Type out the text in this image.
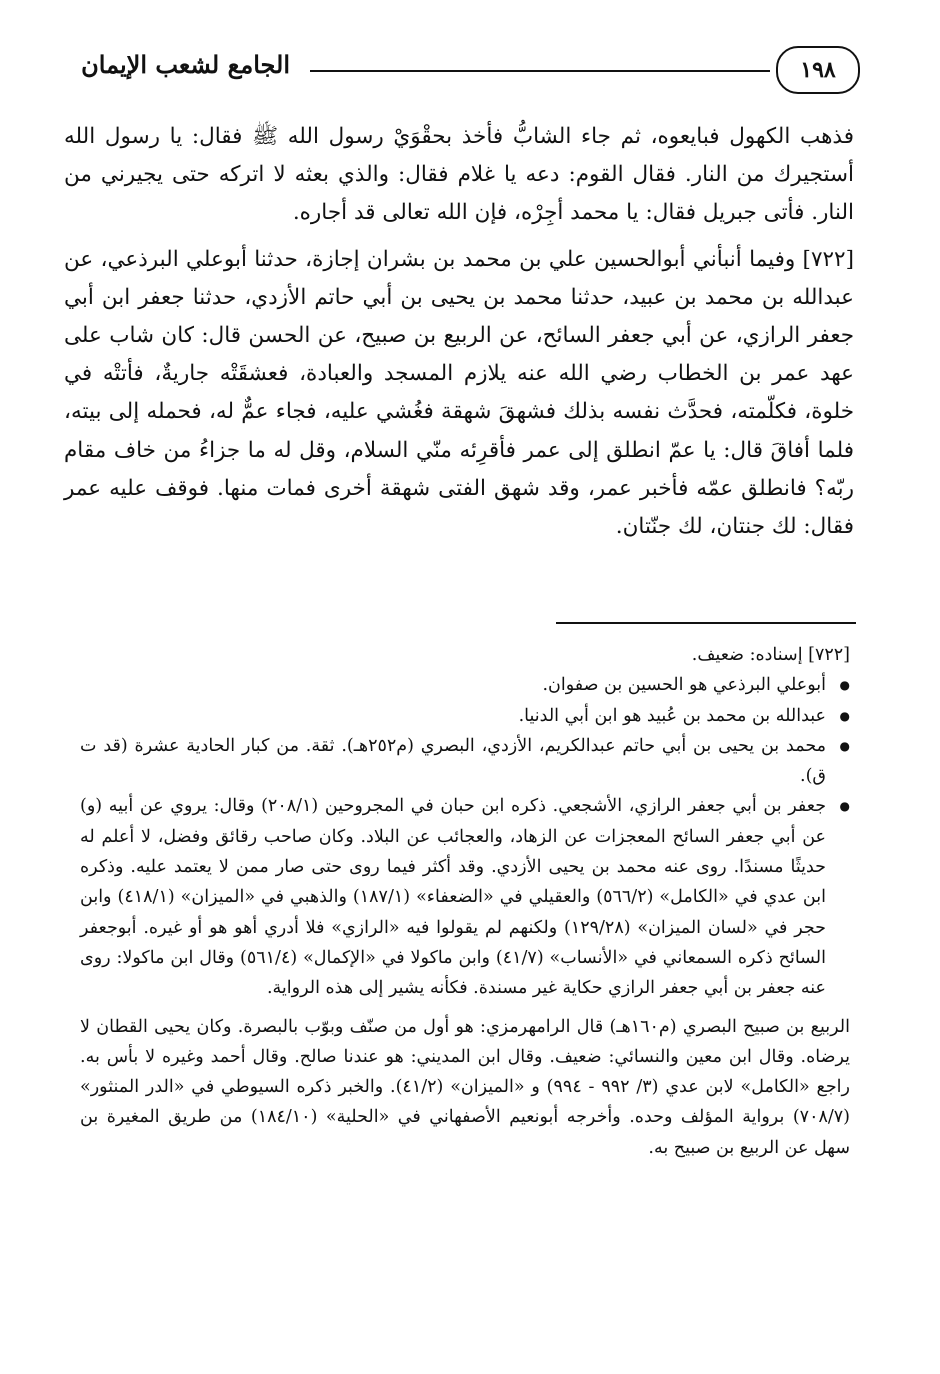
١٩٨
الجامع لشعب الإيمان

فذهب الكهول فبايعوه، ثم جاء الشابُّ فأخذ بحقْوَيْ رسول الله ﷺ فقال: يا رسول الله أستجيرك من النار. فقال القوم: دعه يا غلام فقال: والذي بعثه لا اتركه حتى يجيرني من النار. فأتى جبريل فقال: يا محمد أجِرْه، فإن الله تعالى قد أجاره.

[٧٢٢] وفيما أنبأني أبوالحسين علي بن محمد بن بشران إجازة، حدثنا أبوعلي البرذعي، عن عبدالله بن محمد بن عبيد، حدثنا محمد بن يحيى بن أبي حاتم الأزدي، حدثنا جعفر ابن أبي جعفر الرازي، عن أبي جعفر السائح، عن الربيع بن صبيح، عن الحسن قال: كان شاب على عهد عمر بن الخطاب رضي الله عنه يلازم المسجد والعبادة، فعشقَتْه جاريةٌ، فأتتْه في خلوة، فكلّمته، فحدَّث نفسه بذلك فشهقَ شهقة فغُشي عليه، فجاء عمٌّ له، فحمله إلى بيته، فلما أفاقَ قال: يا عمّ انطلق إلى عمر فأقرِئه منّي السلام، وقل له ما جزاءُ من خاف مقام ربّه؟ فانطلق عمّه فأخبر عمر، وقد شهق الفتى شهقة أخرى فمات منها. فوقف عليه عمر فقال: لك جنتان، لك جنّتان.

[٧٢٢] إسناده: ضعيف.

● أبوعلي البرذعي هو الحسين بن صفوان.
● عبدالله بن محمد بن عُبيد هو ابن أبي الدنيا.
● محمد بن يحيى بن أبي حاتم عبدالكريم، الأزدي، البصري (م٢٥٢هـ). ثقة. من كبار الحادية عشرة (قد ت ق).
● جعفر بن أبي جعفر الرازي، الأشجعي. ذكره ابن حبان في المجروحين (٢٠٨/١) وقال: يروي عن أبيه (و) عن أبي جعفر السائح المعجزات عن الزهاد، والعجائب عن البلاد. وكان صاحب رقائق وفضل، لا أعلم له حديثًا مسندًا. روى عنه محمد بن يحيى الأزدي. وقد أكثر فيما روى حتى صار ممن لا يعتمد عليه. وذكره ابن عدي في «الكامل» (٥٦٦/٢) والعقيلي في «الضعفاء» (١٨٧/١) والذهبي في «الميزان» (٤١٨/١) وابن حجر في «لسان الميزان» (١٢٩/٢٨) ولكنهم لم يقولوا فيه «الرازي» فلا أدري أهو هو أو غيره. أبوجعفر السائح ذكره السمعاني في «الأنساب» (٤١/٧) وابن ماكولا في «الإكمال» (٥٦١/٤) وقال ابن ماكولا: روى عنه جعفر بن أبي جعفر الرازي حكاية غير مسندة. فكأنه يشير إلى هذه الرواية.

الربيع بن صبيح البصري (م١٦٠هـ) قال الرامهرمزي: هو أول من صنّف وبوّب بالبصرة. وكان يحيى القطان لا يرضاه. وقال ابن معين والنسائي: ضعيف. وقال ابن المديني: هو عندنا صالح. وقال أحمد وغيره لا بأس به. راجع «الكامل» لابن عدي (٣/ ٩٩٢ - ٩٩٤) و «الميزان» (٤١/٢). والخبر ذكره السيوطي في «الدر المنثور» (٧٠٨/٧) برواية المؤلف وحده. وأخرجه أبونعيم الأصفهاني في «الحلية» (١٨٤/١٠) من طريق المغيرة بن سهل عن الربيع بن صبيح به.
